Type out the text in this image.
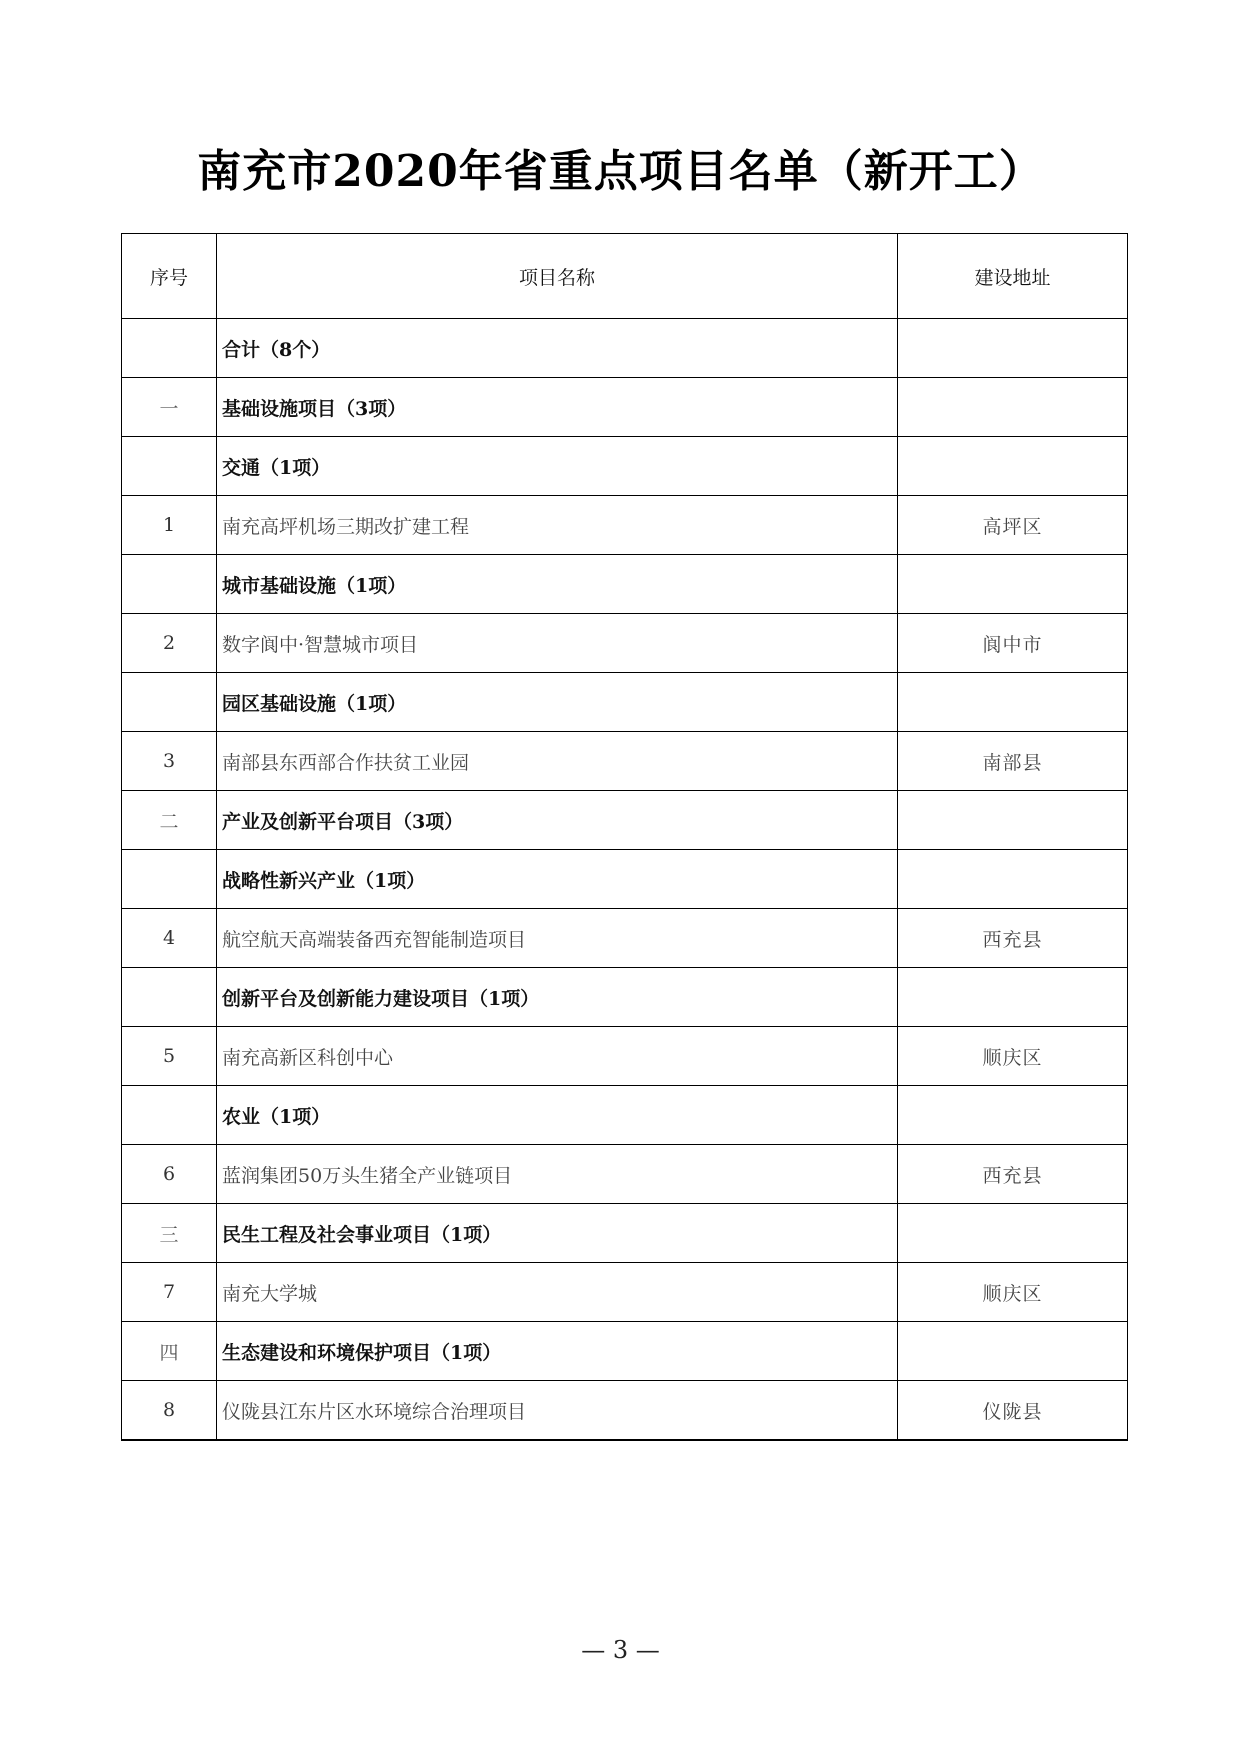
南充市2020年省重点项目名单（新开工）
序号	项目名称	建设地址
	合计（8个）	
一	基础设施项目（3项）	
	交通（1项）	
1	南充高坪机场三期改扩建工程	高坪区
	城市基础设施（1项）	
2	数字阆中·智慧城市项目	阆中市
	园区基础设施（1项）	
3	南部县东西部合作扶贫工业园	南部县
二	产业及创新平台项目（3项）	
	战略性新兴产业（1项）	
4	航空航天高端装备西充智能制造项目	西充县
	创新平台及创新能力建设项目（1项）	
5	南充高新区科创中心	顺庆区
	农业（1项）	
6	蓝润集团50万头生猪全产业链项目	西充县
三	民生工程及社会事业项目（1项）	
7	南充大学城	顺庆区
四	生态建设和环境保护项目（1项）	
8	仪陇县江东片区水环境综合治理项目	仪陇县
— 3 —
